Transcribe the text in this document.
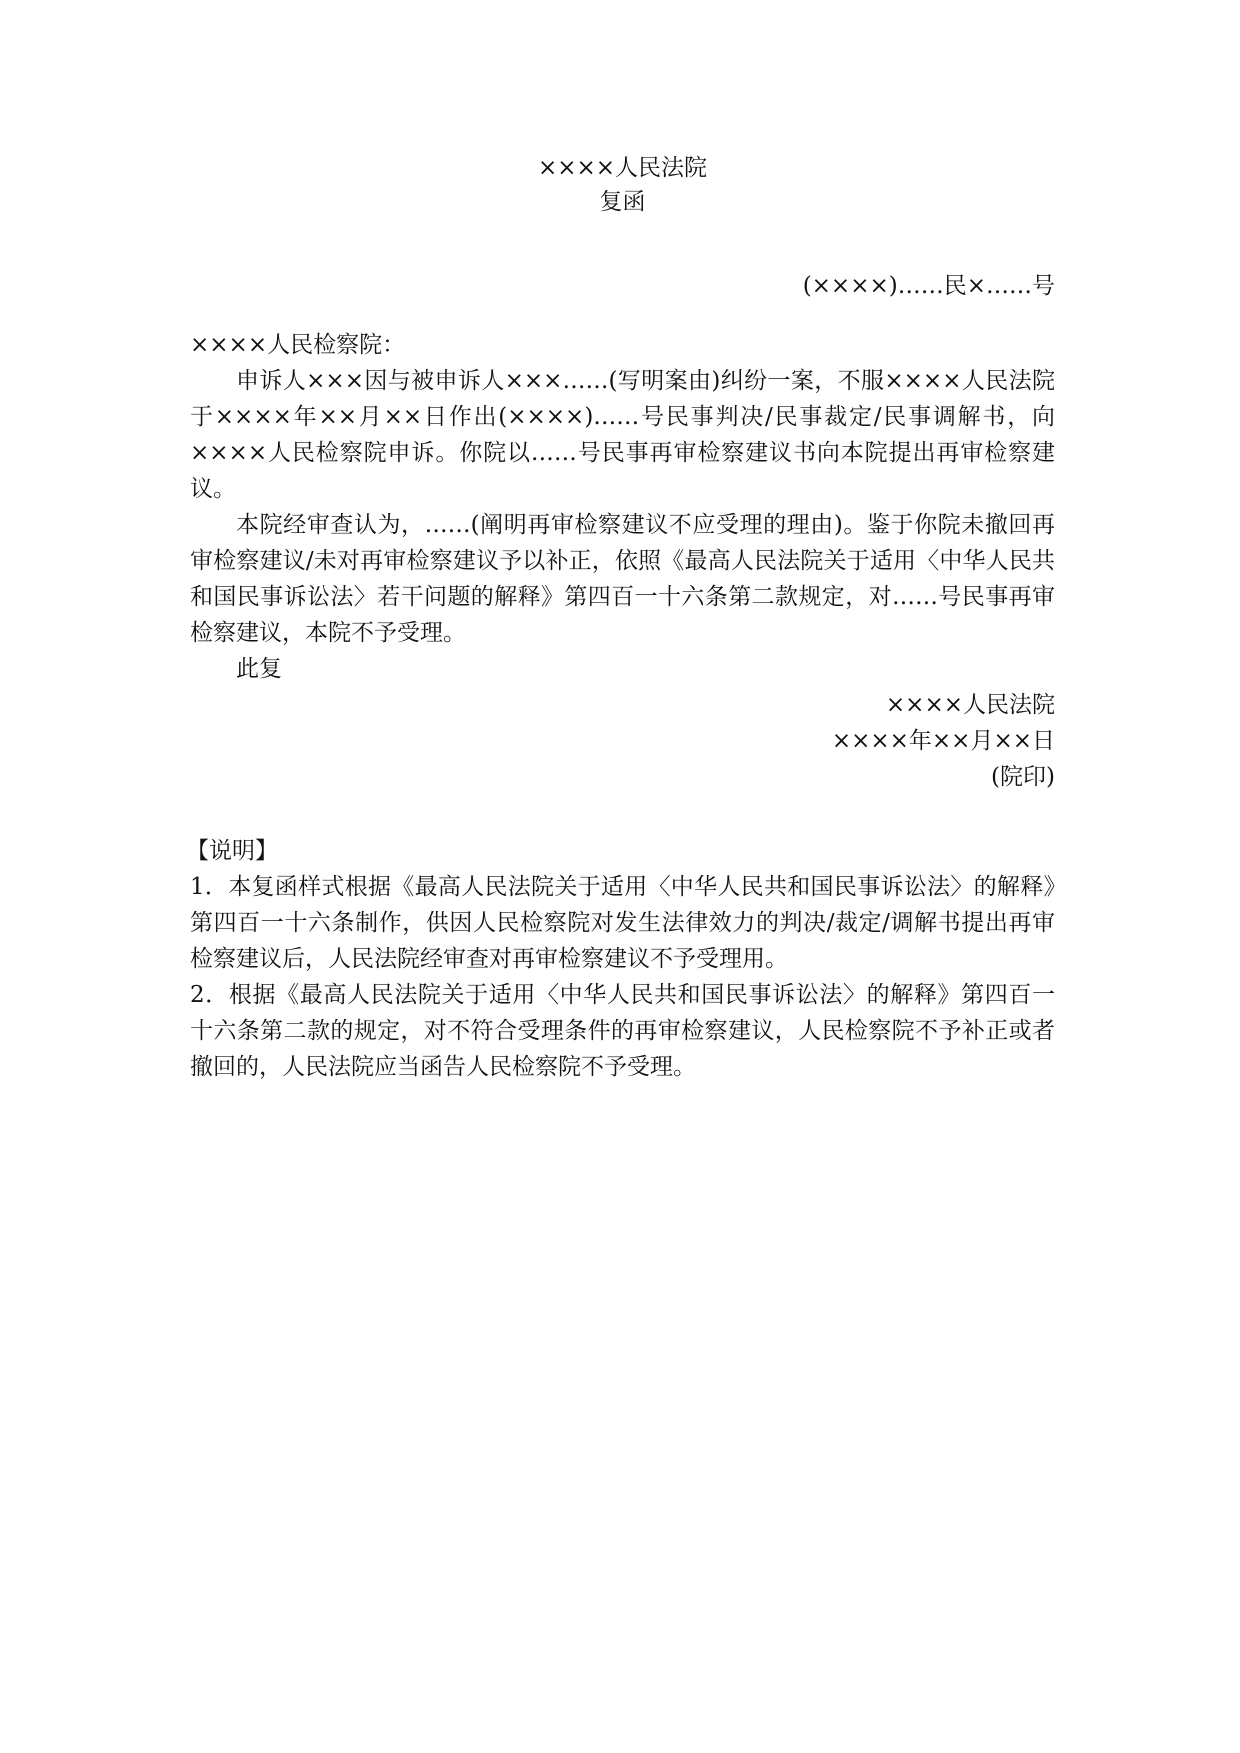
××××人民法院
复函

(××××)……民×……号

××××人民检察院：

申诉人×××因与被申诉人×××……(写明案由)纠纷一案，不服××××人民法院于××××年××月××日作出(××××)……号民事判决/民事裁定/民事调解书，向××××人民检察院申诉。你院以……号民事再审检察建议书向本院提出再审检察建议。

本院经审查认为，……(阐明再审检察建议不应受理的理由)。鉴于你院未撤回再审检察建议/未对再审检察建议予以补正，依照《最高人民法院关于适用〈中华人民共和国民事诉讼法〉若干问题的解释》第四百一十六条第二款规定，对……号民事再审检察建议，本院不予受理。

此复

××××人民法院

××××年××月××日

(院印)

【说明】

1．本复函样式根据《最高人民法院关于适用〈中华人民共和国民事诉讼法〉的解释》第四百一十六条制作，供因人民检察院对发生法律效力的判决/裁定/调解书提出再审检察建议后，人民法院经审查对再审检察建议不予受理用。

2．根据《最高人民法院关于适用〈中华人民共和国民事诉讼法〉的解释》第四百一十六条第二款的规定，对不符合受理条件的再审检察建议，人民检察院不予补正或者撤回的，人民法院应当函告人民检察院不予受理。
